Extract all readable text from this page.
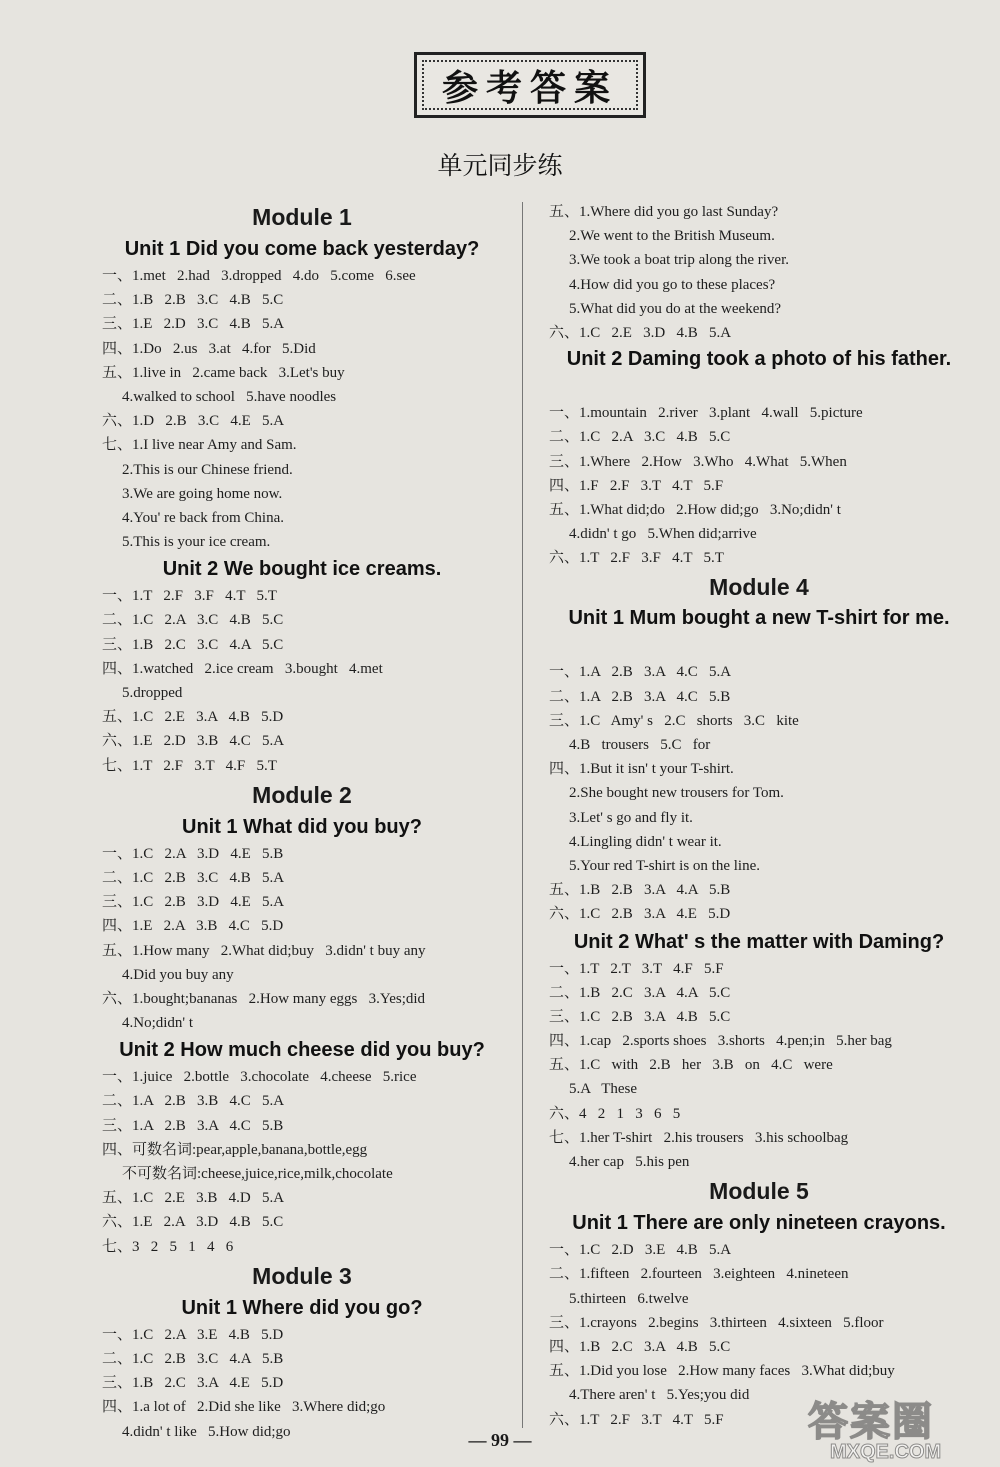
参考答案
单元同步练
Module 1
Unit 1 Did you come back yesterday?
一、1.met   2.had   3.dropped   4.do   5.come   6.see
二、1.B   2.B   3.C   4.B   5.C
三、1.E   2.D   3.C   4.B   5.A
四、1.Do   2.us   3.at   4.for   5.Did
五、1.live in   2.came back   3.Let's buy
4.walked to school   5.have noodles
六、1.D   2.B   3.C   4.E   5.A
七、1.I live near Amy and Sam.
2.This is our Chinese friend.
3.We are going home now.
4.You' re back from China.
5.This is your ice cream.
Unit 2 We bought ice creams.
一、1.T   2.F   3.F   4.T   5.T
二、1.C   2.A   3.C   4.B   5.C
三、1.B   2.C   3.C   4.A   5.C
四、1.watched   2.ice cream   3.bought   4.met
5.dropped
五、1.C   2.E   3.A   4.B   5.D
六、1.E   2.D   3.B   4.C   5.A
七、1.T   2.F   3.T   4.F   5.T
Module 2
Unit 1 What did you buy?
一、1.C   2.A   3.D   4.E   5.B
二、1.C   2.B   3.C   4.B   5.A
三、1.C   2.B   3.D   4.E   5.A
四、1.E   2.A   3.B   4.C   5.D
五、1.How many   2.What did;buy   3.didn' t buy any
4.Did you buy any
六、1.bought;bananas   2.How many eggs   3.Yes;did
4.No;didn' t
Unit 2 How much cheese did you buy?
一、1.juice   2.bottle   3.chocolate   4.cheese   5.rice
二、1.A   2.B   3.B   4.C   5.A
三、1.A   2.B   3.A   4.C   5.B
四、可数名词:pear,apple,banana,bottle,egg
不可数名词:cheese,juice,rice,milk,chocolate
五、1.C   2.E   3.B   4.D   5.A
六、1.E   2.A   3.D   4.B   5.C
七、3   2   5   1   4   6
Module 3
Unit 1 Where did you go?
一、1.C   2.A   3.E   4.B   5.D
二、1.C   2.B   3.C   4.A   5.B
三、1.B   2.C   3.A   4.E   5.D
四、1.a lot of   2.Did she like   3.Where did;go
4.didn' t like   5.How did;go
五、1.Where did you go last Sunday?
2.We went to the British Museum.
3.We took a boat trip along the river.
4.How did you go to these places?
5.What did you do at the weekend?
六、1.C   2.E   3.D   4.B   5.A
Unit 2 Daming took a photo of his father.
一、1.mountain   2.river   3.plant   4.wall   5.picture
二、1.C   2.A   3.C   4.B   5.C
三、1.Where   2.How   3.Who   4.What   5.When
四、1.F   2.F   3.T   4.T   5.F
五、1.What did;do   2.How did;go   3.No;didn' t
4.didn' t go   5.When did;arrive
六、1.T   2.F   3.F   4.T   5.T
Module 4
Unit 1 Mum bought a new T-shirt for me.
一、1.A   2.B   3.A   4.C   5.A
二、1.A   2.B   3.A   4.C   5.B
三、1.C   Amy' s   2.C   shorts   3.C   kite
4.B   trousers   5.C   for
四、1.But it isn' t your T-shirt.
2.She bought new trousers for Tom.
3.Let' s go and fly it.
4.Lingling didn' t wear it.
5.Your red T-shirt is on the line.
五、1.B   2.B   3.A   4.A   5.B
六、1.C   2.B   3.A   4.E   5.D
Unit 2 What' s the matter with Daming?
一、1.T   2.T   3.T   4.F   5.F
二、1.B   2.C   3.A   4.A   5.C
三、1.C   2.B   3.A   4.B   5.C
四、1.cap   2.sports shoes   3.shorts   4.pen;in   5.her bag
五、1.C   with   2.B   her   3.B   on   4.C   were
5.A   These
六、4   2   1   3   6   5
七、1.her T-shirt   2.his trousers   3.his schoolbag
4.her cap   5.his pen
Module 5
Unit 1 There are only nineteen crayons.
一、1.C   2.D   3.E   4.B   5.A
二、1.fifteen   2.fourteen   3.eighteen   4.nineteen
5.thirteen   6.twelve
三、1.crayons   2.begins   3.thirteen   4.sixteen   5.floor
四、1.B   2.C   3.A   4.B   5.C
五、1.Did you lose   2.How many faces   3.What did;buy
4.There aren' t   5.Yes;you did
六、1.T   2.F   3.T   4.T   5.F
— 99 —	答案圈
MXQE.COM
